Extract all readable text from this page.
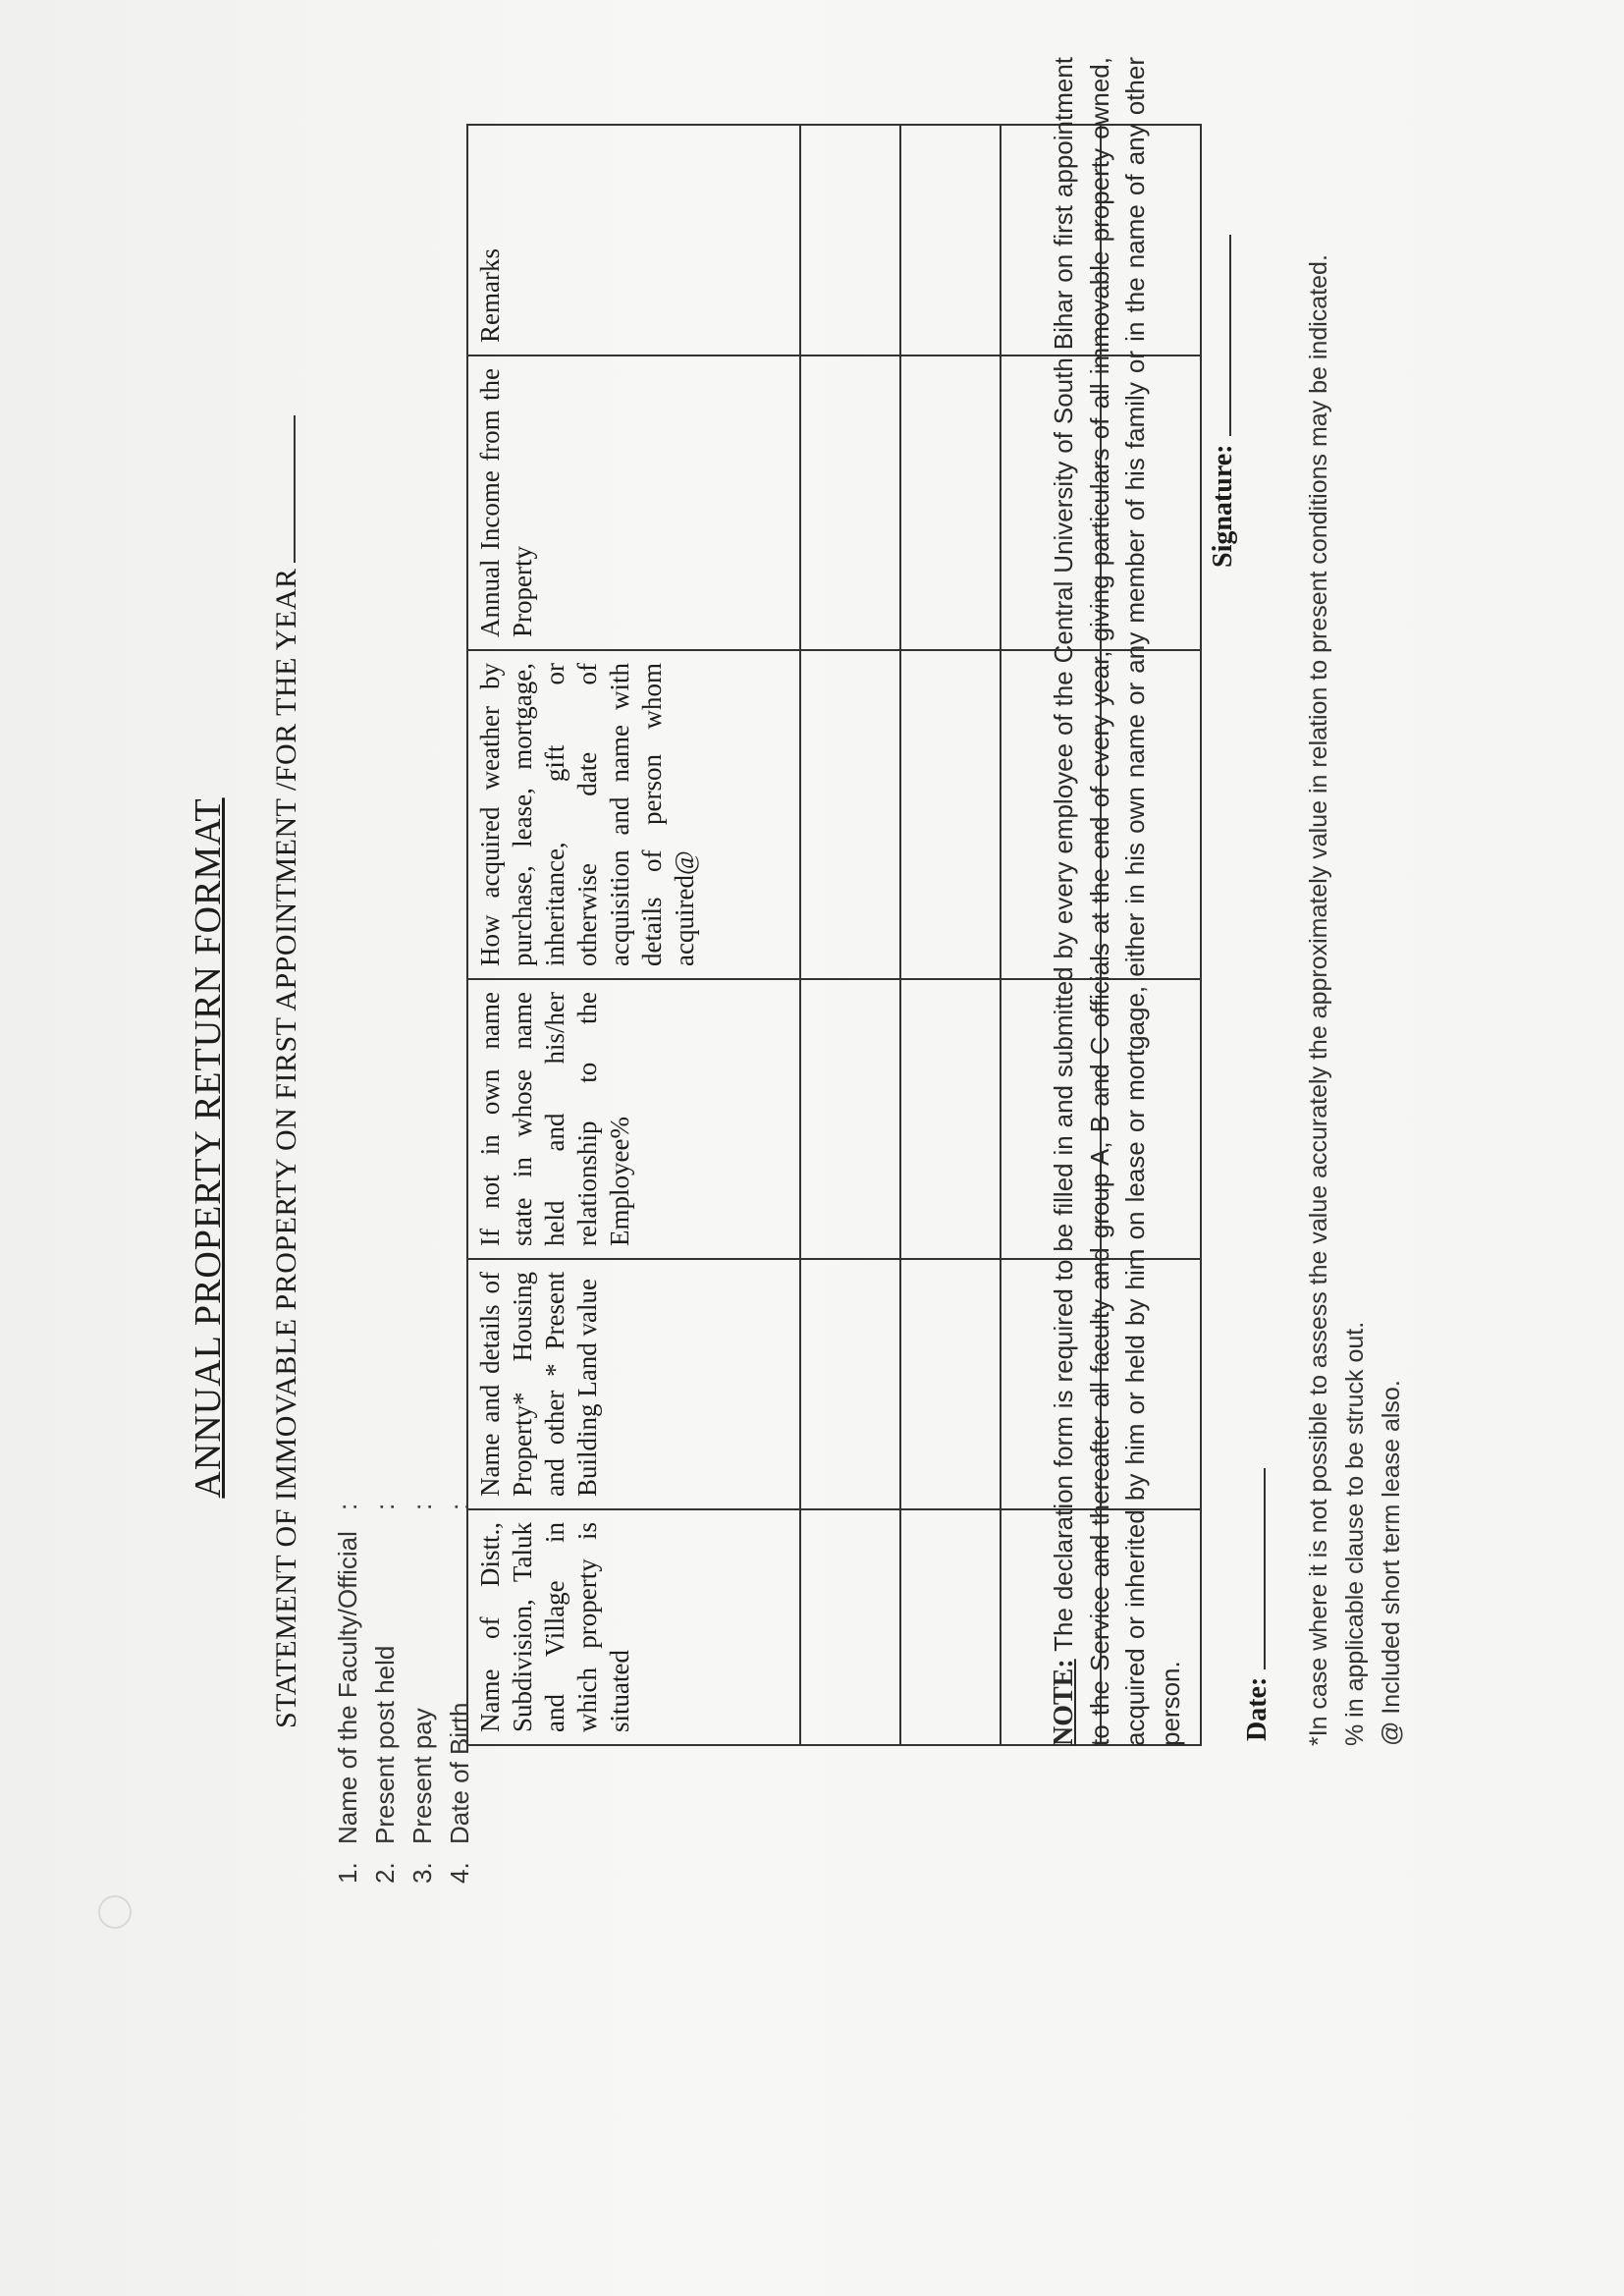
ANNUAL PROPERTY RETURN FORMAT STATEMENT OF IMMOVABLE PROPERTY ON FIRST APPOINTMENT /FOR THE YEAR
1.Name of the Faculty/Official:
2.Present post held:
3.Present pay:
4.Date of Birth:
Name of Distt., Subdivision, Taluk and Village in which property is situated	Name and details of Property* Housing and other * Present Building Land value	If not in own name state in whose name held and his/her relationship to the Employee%	How acquired weather by purchase, lease, mortgage, inheritance, gift or otherwise date of acquisition and name with details of person whom acquired@	Annual Income from the Property	Remarks

NOTE: The declaration form is required to be filled in and submitted by every employee of the Central University of South Bihar on first appointment to the Service and thereafter all faculty and group A, B and C officials at the end of every year, giving particulars of all immovable property owned, acquired or inherited by him or held by him on lease or mortgage, either in his own name or any member of his family or in the name of any other person. Date:
Signature:	*In case where it is not possible to assess the value accurately the approximately value in relation to present conditions may be indicated. % in applicable clause to be struck out. @ Included short term lease also.
